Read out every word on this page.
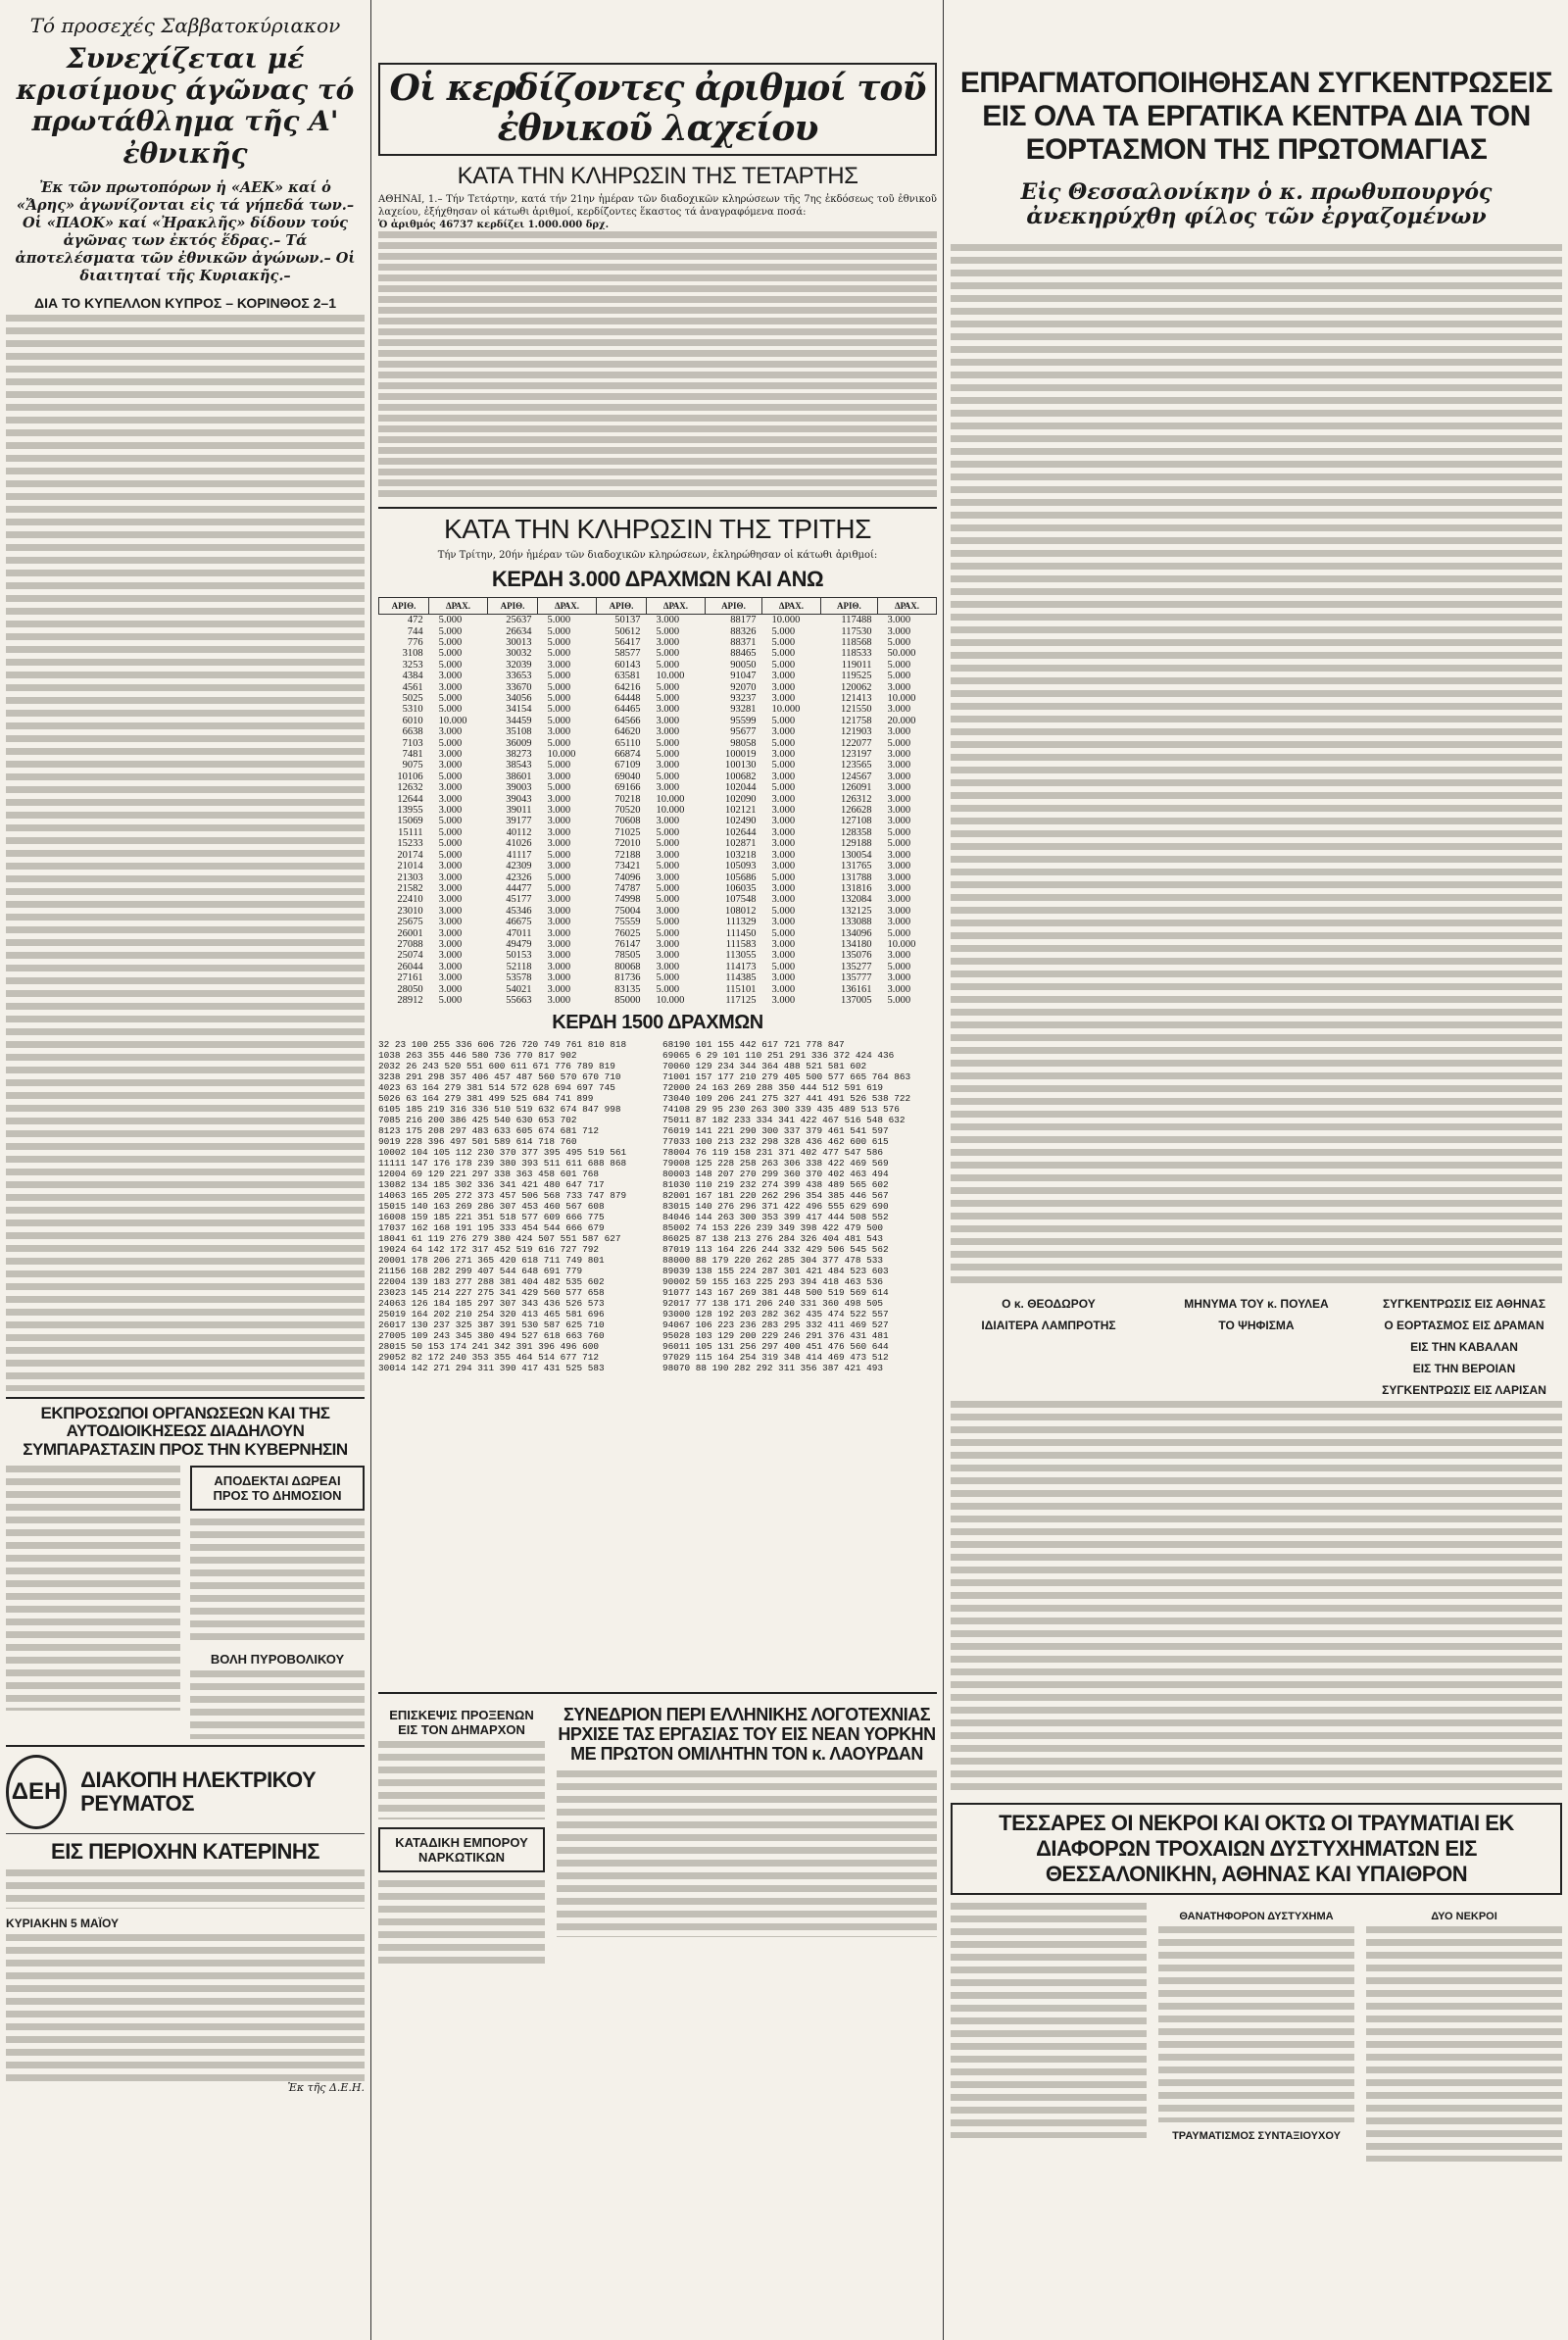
Τό προσεχές Σαββατοκύριακον
Συνεχίζεται μέ κρισίμους άγῶνας τό πρωτάθλημα τῆς Α' ἐθνικῆς
Ἐκ τῶν πρωτοπόρων ἡ «ΑΕΚ» καί ὁ «Ἄρης» ἀγωνίζονται εἰς τά γήπεδά των.–Οἱ «ΠΑΟΚ» καί «Ἠρακλῆς» δίδουν τούς ἀγῶνας των ἐκτός ἕδρας.– Τά ἀποτελέσματα τῶν ἐθνικῶν ἀγώνων.– Οἱ διαιτηταί τῆς Κυριακῆς.–
ΔΙΑ ΤΟ ΚΥΠΕΛΛΟΝ ΚΥΠΡΟΣ – ΚΟΡΙΝΘΟΣ 2–1
ΕΚΠΡΟΣΩΠΟΙ ΟΡΓΑΝΩΣΕΩΝ ΚΑΙ ΤΗΣ ΑΥΤΟΔΙΟΙΚΗΣΕΩΣ ΔΙΑΔΗΛΟΥΝ ΣΥΜΠΑΡΑΣΤΑΣΙΝ ΠΡΟΣ ΤΗΝ ΚΥΒΕΡΝΗΣΙΝ
ΑΠΟΔΕΚΤΑΙ ΔΩΡΕΑΙ ΠΡΟΣ ΤΟ ΔΗΜΟΣΙΟΝ
ΒΟΛΗ ΠΥΡΟΒΟΛΙΚΟΥ
ΔΕΗ ΔΙΑΚΟΠΗ ΗΛΕΚΤΡΙΚΟΥ ΡΕΥΜΑΤΟΣ
ΕΙΣ ΠΕΡΙΟΧΗΝ ΚΑΤΕΡΙΝΗΣ
ΚΥΡΙΑΚΗΝ 5 ΜΑΪΟΥ
Ἐκ τῆς Δ.Ε.Η.
Οἱ κερδίζοντες ἀριθμοί τοῦ ἐθνικοῦ λαχείου
ΚΑΤΑ ΤΗΝ ΚΛΗΡΩΣΙΝ ΤΗΣ ΤΕΤΑΡΤΗΣ
ΑΘΗΝΑΙ, 1.– Τήν Τετάρτην, κατά τήν 21ην ἡμέραν τῶν διαδοχικῶν κληρώσεων τῆς 7ης ἐκδόσεως τοῦ ἐθνικοῦ λαχείου, ἐξήχθησαν οἱ κάτωθι ἀριθμοί, κερδίζοντες ἕκαστος τά ἀναγραφόμενα ποσά:
Ὁ ἀριθμός 46737 κερδίζει 1.000.000 δρχ.
ΚΑΤΑ ΤΗΝ ΚΛΗΡΩΣΙΝ ΤΗΣ ΤΡΙΤΗΣ
Τήν Τρίτην, 20ήν ἡμέραν τῶν διαδοχικῶν κληρώσεων, ἐκληρώθησαν οἱ κάτωθι ἀριθμοί:
ΚΕΡΔΗ 3.000 ΔΡΑΧΜΩΝ ΚΑΙ ΑΝΩ
ΑΡΙΘ.	ΔΡΑΧ.	ΑΡΙΘ.	ΔΡΑΧ.	ΑΡΙΘ.	ΔΡΑΧ.	ΑΡΙΘ.	ΔΡΑΧ.	ΑΡΙΘ.	ΔΡΑΧ.
472	5.000	25637	5.000	50137	3.000	88177	10.000	117488	3.000
744	5.000	26634	5.000	50612	5.000	88326	5.000	117530	3.000
776	5.000	30013	5.000	56417	3.000	88371	5.000	118568	5.000
3108	5.000	30032	5.000	58577	5.000	88465	5.000	118533	50.000
3253	5.000	32039	3.000	60143	5.000	90050	5.000	119011	5.000
4384	3.000	33653	5.000	63581	10.000	91047	3.000	119525	5.000
4561	3.000	33670	5.000	64216	5.000	92070	3.000	120062	3.000
5025	5.000	34056	5.000	64448	5.000	93237	3.000	121413	10.000
5310	5.000	34154	5.000	64465	3.000	93281	10.000	121550	3.000
6010	10.000	34459	5.000	64566	3.000	95599	5.000	121758	20.000
6638	3.000	35108	3.000	64620	3.000	95677	3.000	121903	3.000
7103	5.000	36009	5.000	65110	5.000	98058	5.000	122077	5.000
7481	3.000	38273	10.000	66874	5.000	100019	3.000	123197	3.000
9075	3.000	38543	5.000	67109	3.000	100130	5.000	123565	3.000
10106	5.000	38601	3.000	69040	5.000	100682	3.000	124567	3.000
12632	3.000	39003	5.000	69166	3.000	102044	5.000	126091	3.000
12644	3.000	39043	3.000	70218	10.000	102090	3.000	126312	3.000
13955	3.000	39011	3.000	70520	10.000	102121	3.000	126628	3.000
15069	5.000	39177	3.000	70608	3.000	102490	3.000	127108	3.000
15111	5.000	40112	3.000	71025	5.000	102644	3.000	128358	5.000
15233	5.000	41026	3.000	72010	5.000	102871	3.000	129188	5.000
20174	5.000	41117	5.000	72188	3.000	103218	3.000	130054	3.000
21014	3.000	42309	3.000	73421	5.000	105093	3.000	131765	3.000
21303	3.000	42326	5.000	74096	3.000	105686	5.000	131788	3.000
21582	3.000	44477	5.000	74787	5.000	106035	3.000	131816	3.000
22410	3.000	45177	3.000	74998	5.000	107548	3.000	132084	3.000
23010	3.000	45346	3.000	75004	3.000	108012	5.000	132125	3.000
25675	3.000	46675	3.000	75559	5.000	111329	3.000	133088	3.000
26001	3.000	47011	3.000	76025	5.000	111450	5.000	134096	5.000
27088	3.000	49479	3.000	76147	3.000	111583	3.000	134180	10.000
25074	3.000	50153	3.000	78505	3.000	113055	3.000	135076	3.000
26044	3.000	52118	3.000	80068	3.000	114173	5.000	135277	5.000
27161	3.000	53578	3.000	81736	5.000	114385	3.000	135777	3.000
28050	3.000	54021	3.000	83135	5.000	115101	3.000	136161	3.000
28912	5.000	55663	3.000	85000	10.000	117125	3.000	137005	5.000
ΚΕΡΔΗ 1500 ΔΡΑΧΜΩΝ
32 23 100 255 336 606 726 720 749 761 810 818
1038 263 355 446 580 736 770 817 902
2032 26 243 520 551 600 611 671 776 789 819
3238 291 298 357 406 457 487 560 570 670 710
4023 63 164 279 381 514 572 628 694 697 745
5026 63 164 279 381 499 525 684 741 899
6105 185 219 316 336 510 519 632 674 847 998
7085 216 200 386 425 540 630 653 702
8123 175 208 297 483 633 605 674 681 712
9019 228 396 497 501 589 614 718 760
10002 104 105 112 230 370 377 395 495 519 561
11111 147 176 178 239 380 393 511 611 688 868
12004 69 129 221 297 338 363 458 601 768
13082 134 185 302 336 341 421 480 647 717
14063 165 205 272 373 457 506 568 733 747 879
15015 140 163 269 286 307 453 460 567 608
16008 159 185 221 351 518 577 609 666 775
17037 162 168 191 195 333 454 544 666 679
18041 61 119 276 279 380 424 507 551 587 627
19024 64 142 172 317 452 519 616 727 792
20001 178 206 271 365 420 618 711 749 801
21156 168 282 299 407 544 648 691 779
22004 139 183 277 288 381 404 482 535 602
23023 145 214 227 275 341 429 560 577 658
24063 126 184 185 297 307 343 436 526 573
25019 164 202 210 254 320 413 465 581 696
26017 130 237 325 387 391 530 587 625 710
27005 109 243 345 380 494 527 618 663 760
28015 50 153 174 241 342 391 396 496 600
29052 82 172 240 353 355 464 514 677 712
30014 142 271 294 311 390 417 431 525 583
68190 101 155 442 617 721 778 847
69065 6 29 101 110 251 291 336 372 424 436
70060 129 234 344 364 488 521 581 602
71001 157 177 210 279 405 500 577 665 764 863
72000 24 163 269 288 350 444 512 591 619
73040 109 206 241 275 327 441 491 526 538 722
74108 29 95 230 263 300 339 435 489 513 576
75011 87 182 233 334 341 422 467 516 548 632
76019 141 221 290 300 337 379 461 541 597
77033 100 213 232 298 328 436 462 600 615
78004 76 119 158 231 371 402 477 547 586
79008 125 228 258 263 306 338 422 469 569
80003 148 207 270 299 360 370 402 463 494
81030 110 219 232 274 399 438 489 565 602
82001 167 181 220 262 296 354 385 446 567
83015 140 276 296 371 422 496 555 629 690
84046 144 263 300 353 399 417 444 508 552
85002 74 153 226 239 349 398 422 479 500
86025 87 138 213 276 284 326 404 481 543
87019 113 164 226 244 332 429 506 545 562
88000 88 179 220 262 285 304 377 478 533
89039 138 155 224 287 301 421 484 523 603
90002 59 155 163 225 293 394 418 463 536
91077 143 167 269 381 448 500 519 569 614
92017 77 138 171 206 240 331 360 498 505
93000 128 192 203 282 362 435 474 522 557
94067 106 223 236 283 295 332 411 469 527
95028 103 129 200 229 246 291 376 431 481
96011 105 131 256 297 400 451 476 560 644
97029 115 164 254 319 348 414 469 473 512
98070 88 190 282 292 311 356 387 421 493
ΕΠΙΣΚΕΨΙΣ ΠΡΟΞΕΝΩΝ ΕΙΣ ΤΟΝ ΔΗΜΑΡΧΟΝ
ΚΑΤΑΔΙΚΗ ΕΜΠΟΡΟΥ ΝΑΡΚΩΤΙΚΩΝ
ΣΥΝΕΔΡΙΟΝ ΠΕΡΙ ΕΛΛΗΝΙΚΗΣ ΛΟΓΟΤΕΧΝΙΑΣ ΗΡΧΙΣΕ ΤΑΣ ΕΡΓΑΣΙΑΣ ΤΟΥ ΕΙΣ ΝΕΑΝ ΥΟΡΚΗΝ ΜΕ ΠΡΩΤΟΝ ΟΜΙΛΗΤΗΝ ΤΟΝ κ. ΛΑΟΥΡΔΑΝ
ΕΠΡΑΓΜΑΤΟΠΟΙΗΘΗΣΑΝ ΣΥΓΚΕΝΤΡΩΣΕΙΣ ΕΙΣ ΟΛΑ ΤΑ ΕΡΓΑΤΙΚΑ ΚΕΝΤΡΑ ΔΙΑ ΤΟΝ ΕΟΡΤΑΣΜΟΝ ΤΗΣ ΠΡΩΤΟΜΑΓΙΑΣ
Εἰς Θεσσαλονίκην ὁ κ. πρωθυπουργός ἀνεκηρύχθη φίλος τῶν ἐργαζομένων
Ο κ. ΘΕΟΔΩΡΟΥ
ΙΔΙΑΙΤΕΡΑ ΛΑΜΠΡΟΤΗΣ
ΜΗΝΥΜΑ ΤΟΥ κ. ΠΟΥΛΕΑ
ΤΟ ΨΗΦΙΣΜΑ
ΣΥΓΚΕΝΤΡΩΣΙΣ ΕΙΣ ΑΘΗΝΑΣ
Ο ΕΟΡΤΑΣΜΟΣ ΕΙΣ ΔΡΑΜΑΝ
ΕΙΣ ΤΗΝ ΚΑΒΑΛΑΝ
ΕΙΣ ΤΗΝ ΒΕΡΟΙΑΝ
ΣΥΓΚΕΝΤΡΩΣΙΣ ΕΙΣ ΛΑΡΙΣΑΝ
ΤΕΣΣΑΡΕΣ ΟΙ ΝΕΚΡΟΙ ΚΑΙ ΟΚΤΩ ΟΙ ΤΡΑΥΜΑΤΙΑΙ ΕΚ ΔΙΑΦΟΡΩΝ ΤΡΟΧΑΙΩΝ ΔΥΣΤΥΧΗΜΑΤΩΝ ΕΙΣ ΘΕΣΣΑΛΟΝΙΚΗΝ, ΑΘΗΝΑΣ ΚΑΙ ΥΠΑΙΘΡΟΝ
ΘΑΝΑΤΗΦΟΡΟΝ ΔΥΣΤΥΧΗΜΑ
ΤΡΑΥΜΑΤΙΣΜΟΣ ΣΥΝΤΑΞΙΟΥΧΟΥ
ΔΥΟ ΝΕΚΡΟΙ
